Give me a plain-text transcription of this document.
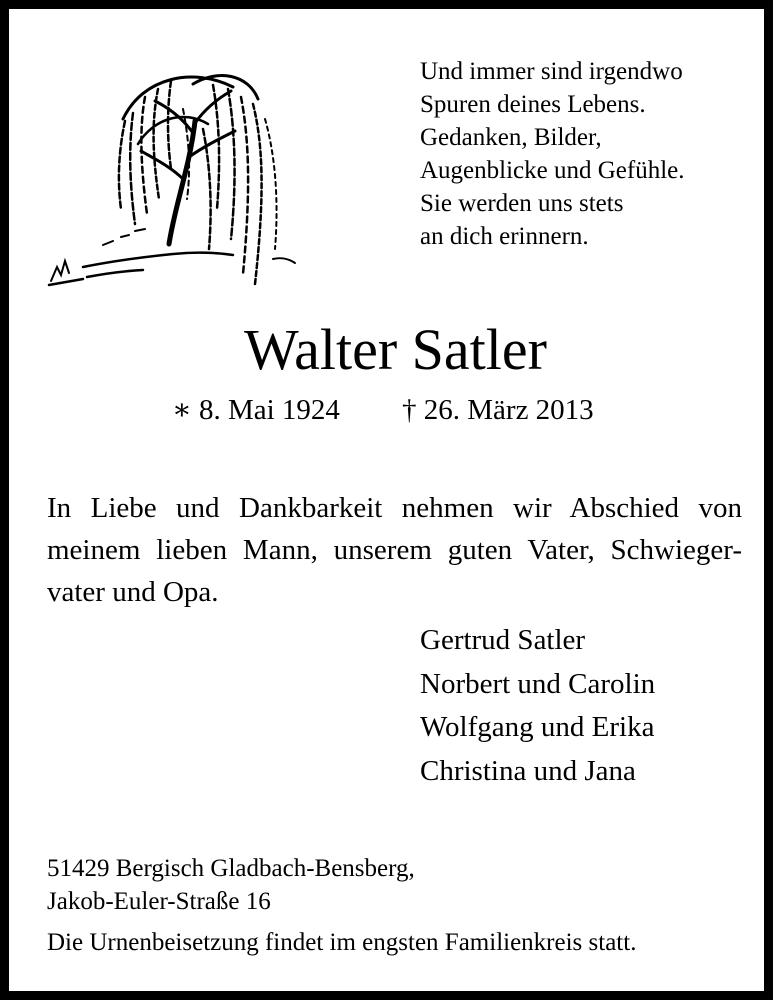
Und immer sind irgendwo
Spuren deines Lebens.
Gedanken, Bilder,
Augenblicke und Gefühle.
Sie werden uns stets
an dich erinnern.
Walter Satler
∗ 8. Mai 1924 † 26. März 2013
In Liebe und Dankbarkeit nehmen wir Abschied von
meinem lieben Mann, unserem guten Vater, Schwieger-
vater und Opa.
Gertrud Satler
Norbert und Carolin
Wolfgang und Erika
Christina und Jana
51429 Bergisch Gladbach-Bensberg,
Jakob-Euler-Straße 16
Die Urnenbeisetzung findet im engsten Familienkreis statt.
